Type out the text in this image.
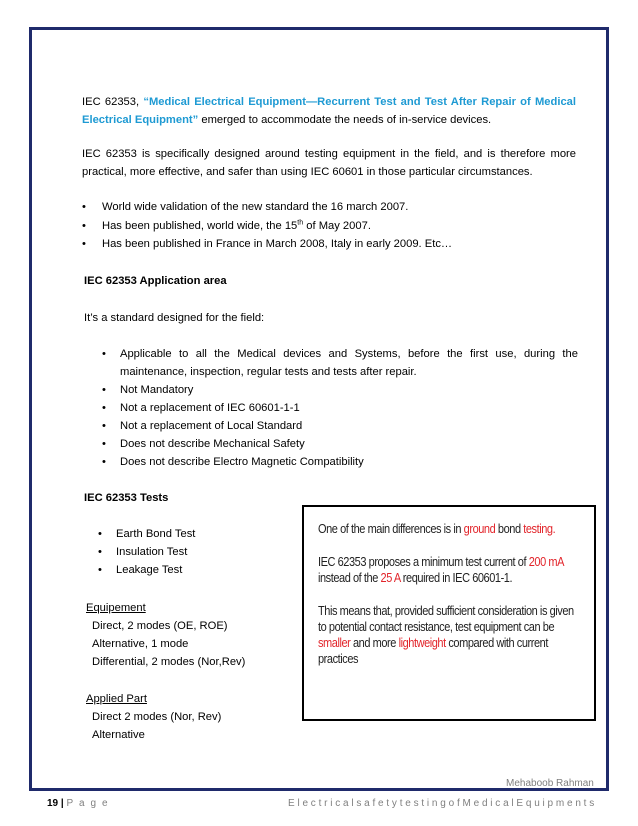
IEC 62353, “Medical Electrical Equipment—Recurrent Test and Test After Repair of Medical
Electrical Equipment” emerged to accommodate the needs of in-service devices.
IEC 62353 is specifically designed around testing equipment in the field, and is therefore more
practical, more effective, and safer than using IEC 60601 in those particular circumstances.
• World wide validation of the new standard the 16 march 2007.
• Has been published, world wide, the 15th of May 2007.
• Has been published in France in March 2008, Italy in early 2009. Etc…
IEC 62353 Application area
It’s a standard designed for the field:
• Applicable to all the Medical devices and Systems, before the first use, during the
maintenance, inspection, regular tests and tests after repair.
• Not Mandatory
• Not a replacement of IEC 60601-1-1
• Not a replacement of Local Standard
• Does not describe Mechanical Safety
• Does not describe Electro Magnetic Compatibility
IEC 62353 Tests
• Earth Bond Test
• Insulation Test
• Leakage Test
Equipement
Direct, 2 modes (OE, ROE)
Alternative, 1 mode
Differential, 2 modes (Nor,Rev)
Applied Part
Direct 2 modes (Nor, Rev)
Alternative
One of the main differences is in ground bond testing.
IEC 62353 proposes a minimum test current of 200 mA
instead of the 25 A required in IEC 60601-1.
This means that, provided sufficient consideration is given
to potential contact resistance, test equipment can be
smaller and more lightweight compared with current
practices
Mehaboob Rahman
19 | P a g e	E l e c t r i c a l s a f e t y t e s t i n g o f M e d i c a l E q u i p m e n t s
